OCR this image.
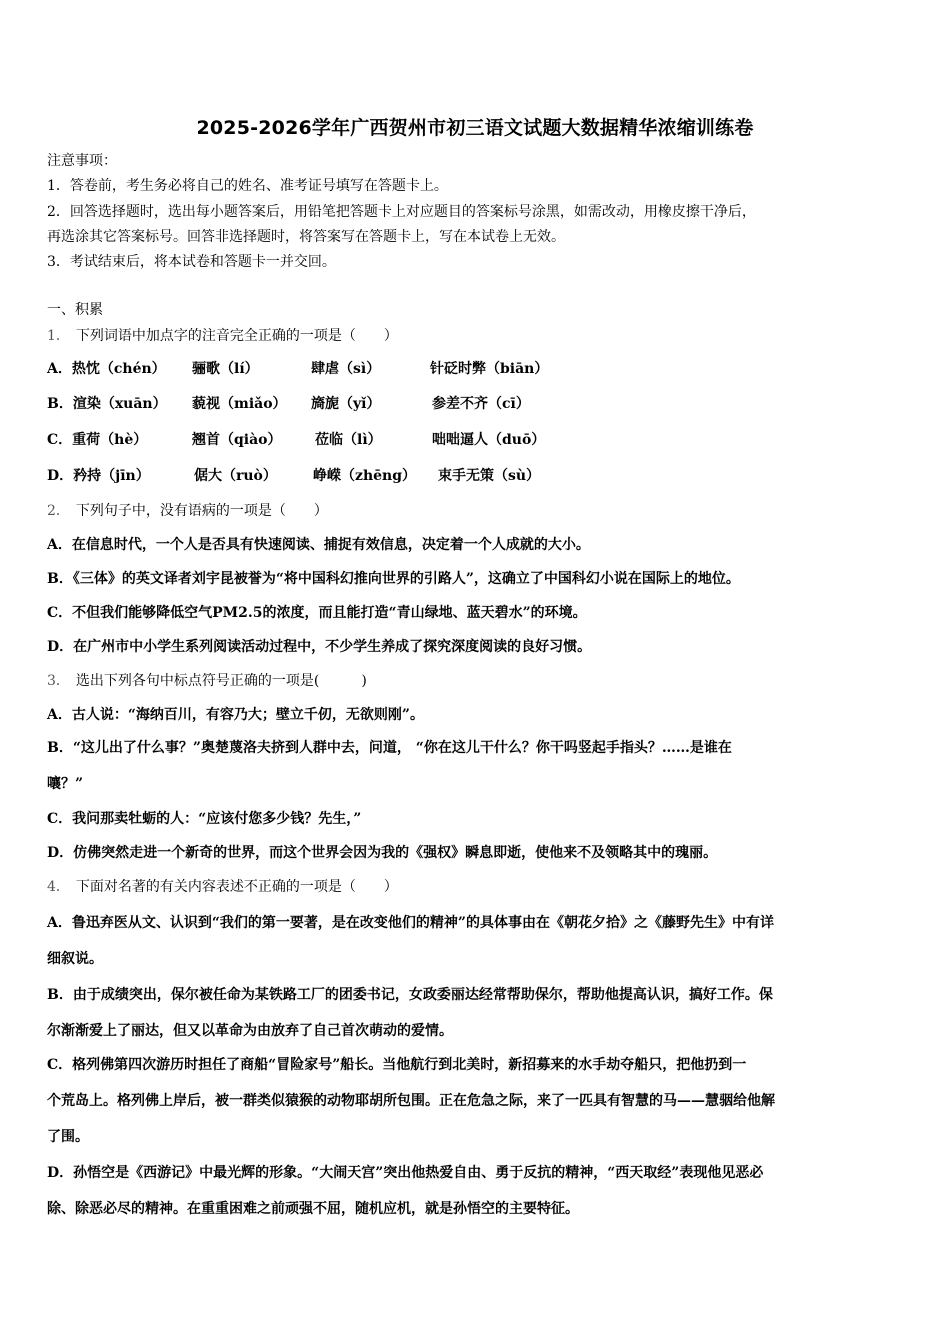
2025-2026学年广西贺州市初三语文试题大数据精华浓缩训练卷
注意事项：
1．答卷前，考生务必将自己的姓名、准考证号填写在答题卡上。
2．回答选择题时，选出每小题答案后，用铅笔把答题卡上对应题目的答案标号涂黑，如需改动，用橡皮擦干净后，
再选涂其它答案标号。回答非选择题时，将答案写在答题卡上，写在本试卷上无效。
3．考试结束后，将本试卷和答题卡一并交回。
一、积累
1． 下列词语中加点字的注音完全正确的一项是（　　）
A．热忱（chén） 骊歌（lí）	肆虐（sì）	针砭时弊（biān）
B．渲染（xuān） 藐视（miǎo） 旖旎（yǐ）	参差不齐（cī）
C．重荷（hè）	翘首（qiào） 莅临（lì）	咄咄逼人（duō）
D．矜持（jīn）	倨大（ruò）	峥嵘（zhēng） 束手无策（sù）
2． 下列句子中，没有语病的一项是（　　）
A．在信息时代，一个人是否具有快速阅读、捕捉有效信息，决定着一个人成就的大小。
B．《三体》的英文译者刘宇昆被誉为“将中国科幻推向世界的引路人”，这确立了中国科幻小说在国际上的地位。
C．不但我们能够降低空气PM2.5的浓度，而且能打造“青山绿地、蓝天碧水”的环境。
D．在广州市中小学生系列阅读活动过程中，不少学生养成了探究深度阅读的良好习惯。
3． 选出下列各句中标点符号正确的一项是(　　　)
A．古人说：“海纳百川，有容乃大；壁立千仞，无欲则刚”。
B．“这儿出了什么事？”奥楚蔑洛夫挤到人群中去，问道， “你在这儿干什么？你干吗竖起手指头？……是谁在
嚷？”
C．我问那卖牡蛎的人：“应该付您多少钱？先生，”
D．仿佛突然走进一个新奇的世界，而这个世界会因为我的《强权》瞬息即逝，使他来不及领略其中的瑰丽。
4． 下面对名著的有关内容表述不正确的一项是（　　）
A．鲁迅弃医从文、认识到“我们的第一要著，是在改变他们的精神”的具体事由在《朝花夕拾》之《藤野先生》中有详
细叙说。
B．由于成绩突出，保尔被任命为某铁路工厂的团委书记，女政委丽达经常帮助保尔，帮助他提高认识，搞好工作。保
尔渐渐爱上了丽达，但又以革命为由放弃了自己首次萌动的爱情。
C．格列佛第四次游历时担任了商船“冒险家号”船长。当他航行到北美时，新招募来的水手劫夺船只，把他扔到一
个荒岛上。格列佛上岸后，被一群类似猿猴的动物耶胡所包围。正在危急之际，来了一匹具有智慧的马——慧骃给他解
了围。
D．孙悟空是《西游记》中最光辉的形象。“大闹天宫”突出他热爱自由、勇于反抗的精神，“西天取经”表现他见恶必
除、除恶必尽的精神。在重重困难之前顽强不屈，随机应机，就是孙悟空的主要特征。
